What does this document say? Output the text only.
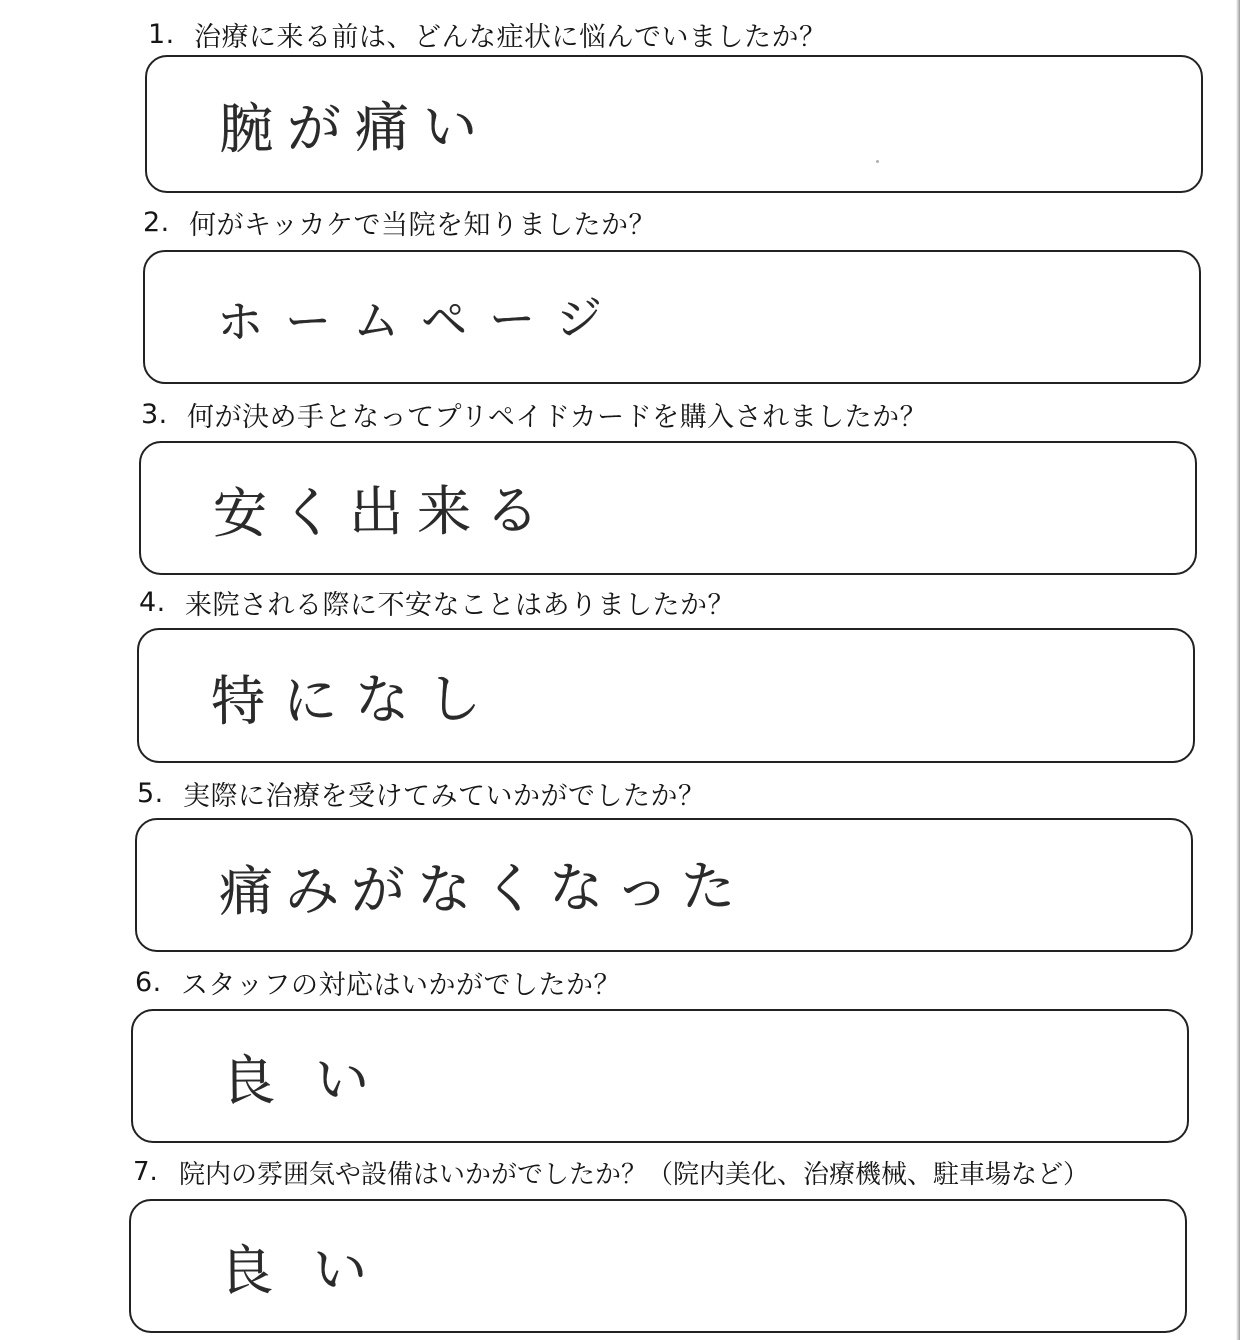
1. 治療に来る前は、どんな症状に悩んでいましたか？
腕が痛い
2. 何がキッカケで当院を知りましたか？
ホームページ
3. 何が決め手となってプリペイドカードを購入されましたか？
安く出来る
4. 来院される際に不安なことはありましたか？
特になし
5. 実際に治療を受けてみていかがでしたか？
痛みがなくなった
6. スタッフの対応はいかがでしたか？
良い
7. 院内の雰囲気や設備はいかがでしたか？（院内美化、治療機械、駐車場など）
良い
